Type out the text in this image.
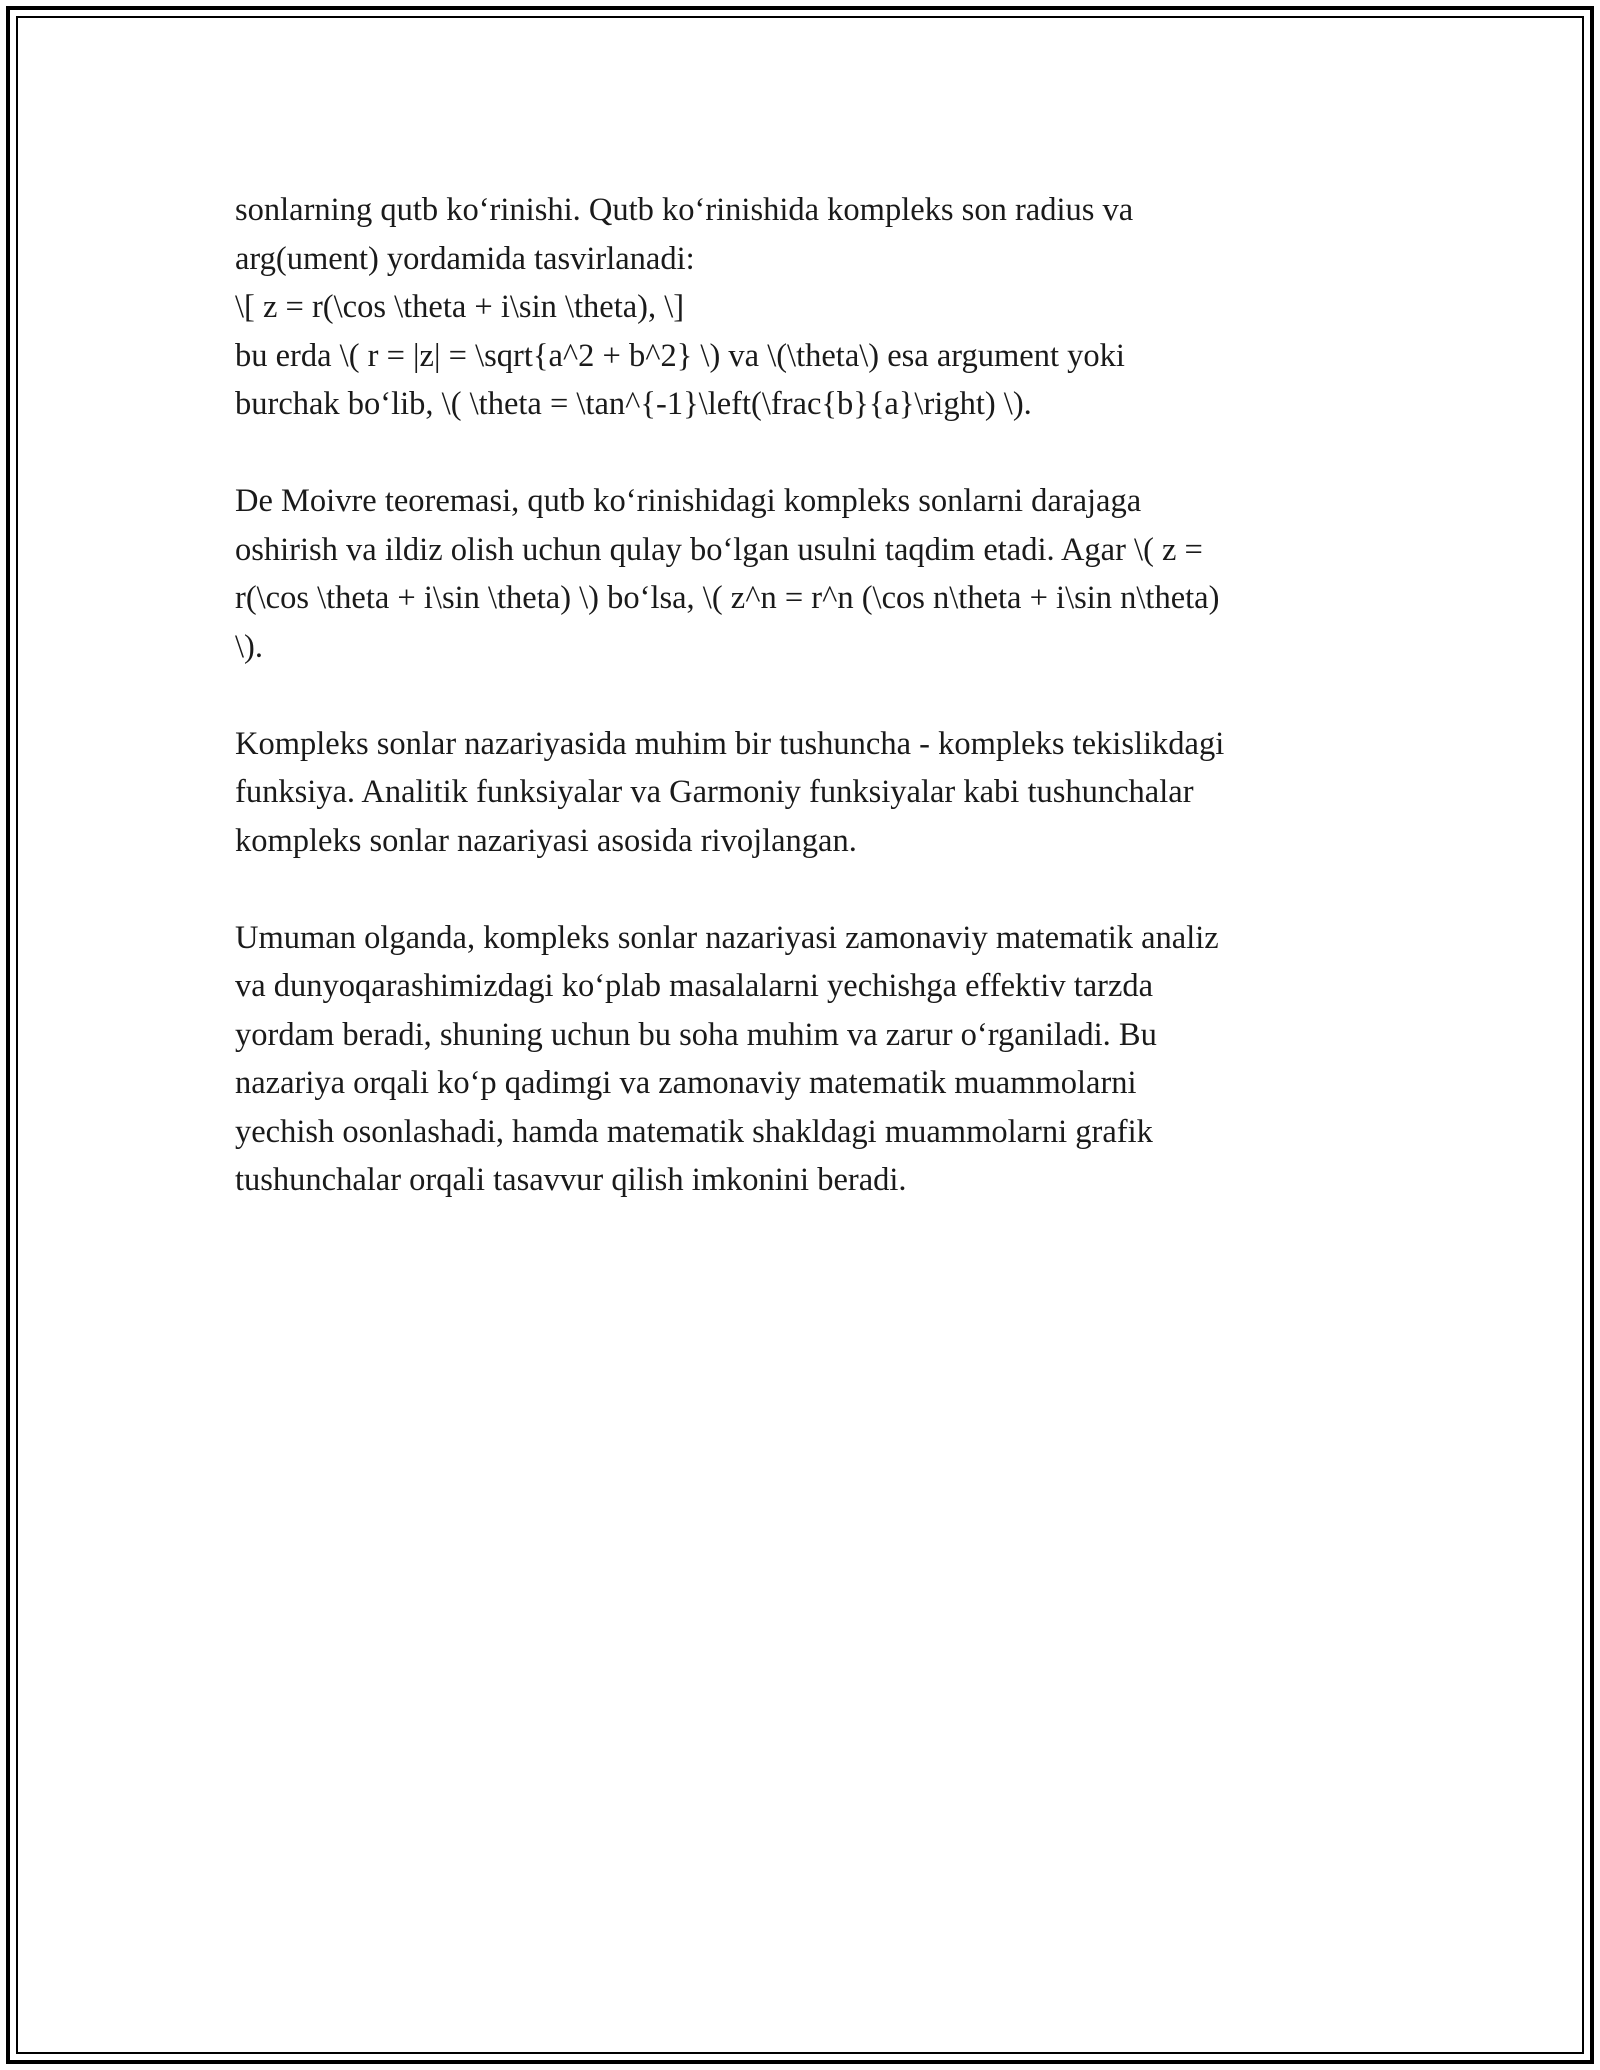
sonlarning qutb koʻrinishi. Qutb koʻrinishida kompleks son radius va
arg(ument) yordamida tasvirlanadi:
\[ z = r(\cos \theta + i\sin \theta), \]
bu erda \( r = |z| = \sqrt{a^2 + b^2} \) va \(\theta\) esa argument yoki
burchak boʻlib, \( \theta = \tan^{-1}\left(\frac{b}{a}\right) \).

De Moivre teoremasi, qutb koʻrinishidagi kompleks sonlarni darajaga
oshirish va ildiz olish uchun qulay boʻlgan usulni taqdim etadi. Agar \( z =
r(\cos \theta + i\sin \theta) \) boʻlsa, \( z^n = r^n (\cos n\theta + i\sin n\theta)
\).

Kompleks sonlar nazariyasida muhim bir tushuncha - kompleks tekislikdagi
funksiya. Analitik funksiyalar va Garmoniy funksiyalar kabi tushunchalar
kompleks sonlar nazariyasi asosida rivojlangan.

Umuman olganda, kompleks sonlar nazariyasi zamonaviy matematik analiz
va dunyoqarashimizdagi koʻplab masalalarni yechishga effektiv tarzda
yordam beradi, shuning uchun bu soha muhim va zarur oʻrganiladi. Bu
nazariya orqali koʻp qadimgi va zamonaviy matematik muammolarni
yechish osonlashadi, hamda matematik shakldagi muammolarni grafik
tushunchalar orqali tasavvur qilish imkonini beradi.
